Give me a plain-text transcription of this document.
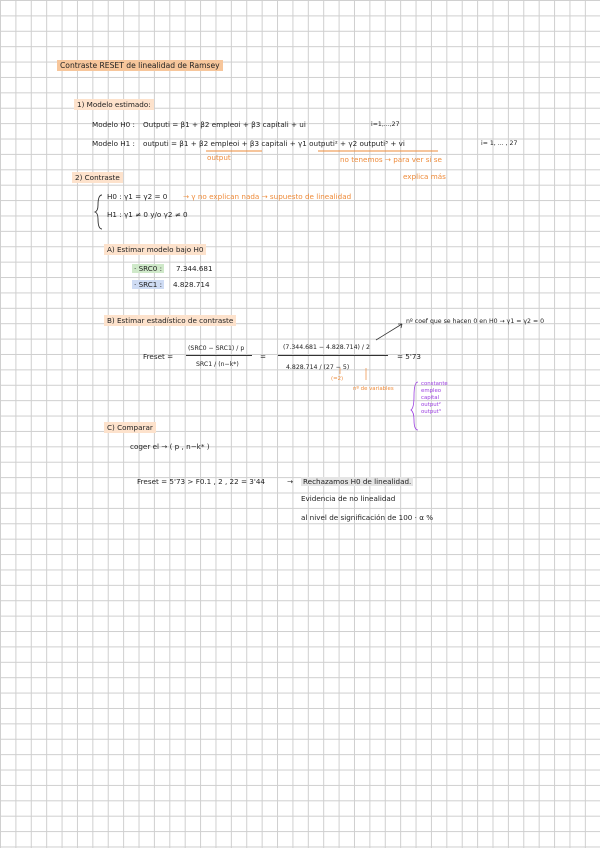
Contraste RESET de linealidad de Ramsey
1) Modelo estimado:
Modelo H0 : Outputi = β1 + β2 empleoi + β3 capitali + ui	i=1,...,27
Modelo H1 : outputi = β1 + β2 empleoi + β3 capitali + γ1 outputi² + γ2 outputi³ + vi	i= 1, ... , 27
output	no tenemos → para ver si se
explica más
2) Contraste
H0 : γ1 = γ2 = 0 → γ no explican nada → supuesto de linealidad
H1 : γ1 ≠ 0 y/o γ2 ≠ 0
A) Estimar modelo bajo H0
· SRC0 : 7.344.681
· SRC1 : 4.828.714
B) Estimar estadístico de contraste	nº coef que se hacen 0 en H0 → γ1 = γ2 = 0
Freset =
(SRC0 − SRC1) / p
SRC1 / (n−k*)
=
(7.344.681 − 4.828.714) / 2
4.828.714 / (27 − 5)
= 5'73
(=2)
nº de variables
constante
empleo
capital
output²
output³
C) Comparar
coger el → ( p , n−k* )
Freset = 5'73 > F0.1 , 2 , 22 = 3'44	→ Rechazamos H0 de linealidad.
Evidencia de no linealidad
al nivel de significación de 100 · α %
